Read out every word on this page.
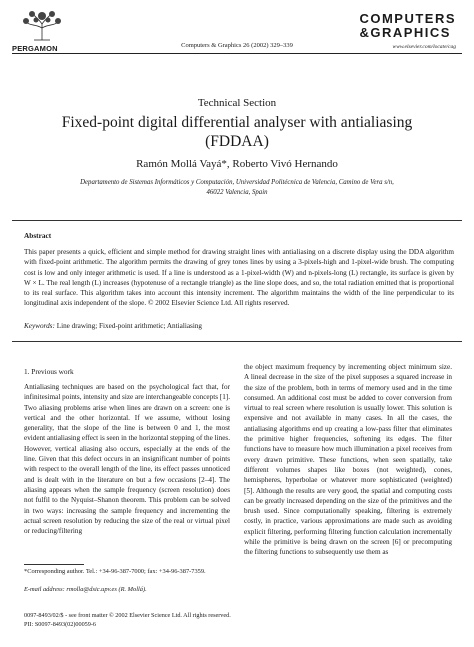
PERGAMON	Computers & Graphics 26 (2002) 329–339
COMPUTERS
&GRAPHICS
www.elsevier.com/locate/cag
Technical Section
Fixed-point digital differential analyser with antialiasing
(FDDAA)
Ramón Mollá Vayá*, Roberto Vivó Hernando
Departamento de Sistemas Informáticos y Computación, Universidad Politécnica de Valencia, Camino de Vera s/n,
46022 Valencia, Spain
Abstract
This paper presents a quick, efficient and simple method for drawing straight lines with antialiasing on a discrete display using the DDA algorithm with fixed-point arithmetic. The algorithm permits the drawing of grey tones lines by using a 3-pixels-high and 1-pixel-wide brush. The computing cost is low and only integer arithmetic is used. If a line is understood as a 1-pixel-width (W) and n-pixels-long (L) rectangle, its surface is given by W × L. The real length (L) increases (hypotenuse of a rectangle triangle) as the line slope does, and so, the total radiation emitted that is proportional to its real surface. This algorithm takes into account this intensity increment. The algorithm maintains the width of the line perpendicular to its longitudinal axis independent of the slope. © 2002 Elsevier Science Ltd. All rights reserved.
Keywords: Line drawing; Fixed-point arithmetic; Antialiasing
1. Previous work
Antialiasing techniques are based on the psychological fact that, for infinitesimal points, intensity and size are interchangeable concepts [1]. Two aliasing problems arise when lines are drawn on a screen: one is vertical and the other horizontal. If we assume, without losing generality, that the slope of the line is between 0 and 1, the most evident antialiasing effect is seen in the horizontal stepping of the lines. However, vertical aliasing also occurs, especially at the ends of the line. Given that this defect occurs in an insignificant number of points with respect to the overall length of the line, its effect passes unnoticed and is dealt with in the literature on but a few occasions [2–4]. The aliasing appears when the sample frequency (screen resolution) does not fulfil to the Nyquist–Shanon theorem. This problem can be solved in two ways: increasing the sample frequency and incrementing the actual screen resolution by reducing the size of the real or virtual pixel or reducing/filtering
the object maximum frequency by incrementing object minimum size. A lineal decrease in the size of the pixel supposes a squared increase in the size of the problem, both in terms of memory used and in the time consumed. An additional cost must be added to cover conversion from virtual to real screen where resolution is usually lower. This solution is expensive and not available in many cases. In all the cases, the antialiasing algorithms end up creating a low-pass filter that eliminates the primitive higher frequencies, softening its edges. The filter functions have to measure how much illumination a pixel receives from every drawn primitive. These functions, when seen spatially, take different volumes shapes like boxes (not weighted), cones, hemispheres, hyperbolae or whatever more sophisticated (weighted) [5]. Although the results are very good, the spatial and computing costs can be greatly increased depending on the size of the primitives and the brush used. Since computationally speaking, filtering is extremely costly, in practice, various approximations are made such as avoiding explicit filtering, performing filtering function calculation incrementally while the primitive is being drawn on the screen [6] or precomputing the filtering functions to subsequently use them as
*Corresponding author. Tel.: +34-96-387-7000; fax: +34-96-387-7359.
E-mail address: rmolla@dsic.upv.es (R. Mollá).
0097-8493/02/$ - see front matter © 2002 Elsevier Science Ltd. All rights reserved.
PII: S0097-8493(02)00059-6
